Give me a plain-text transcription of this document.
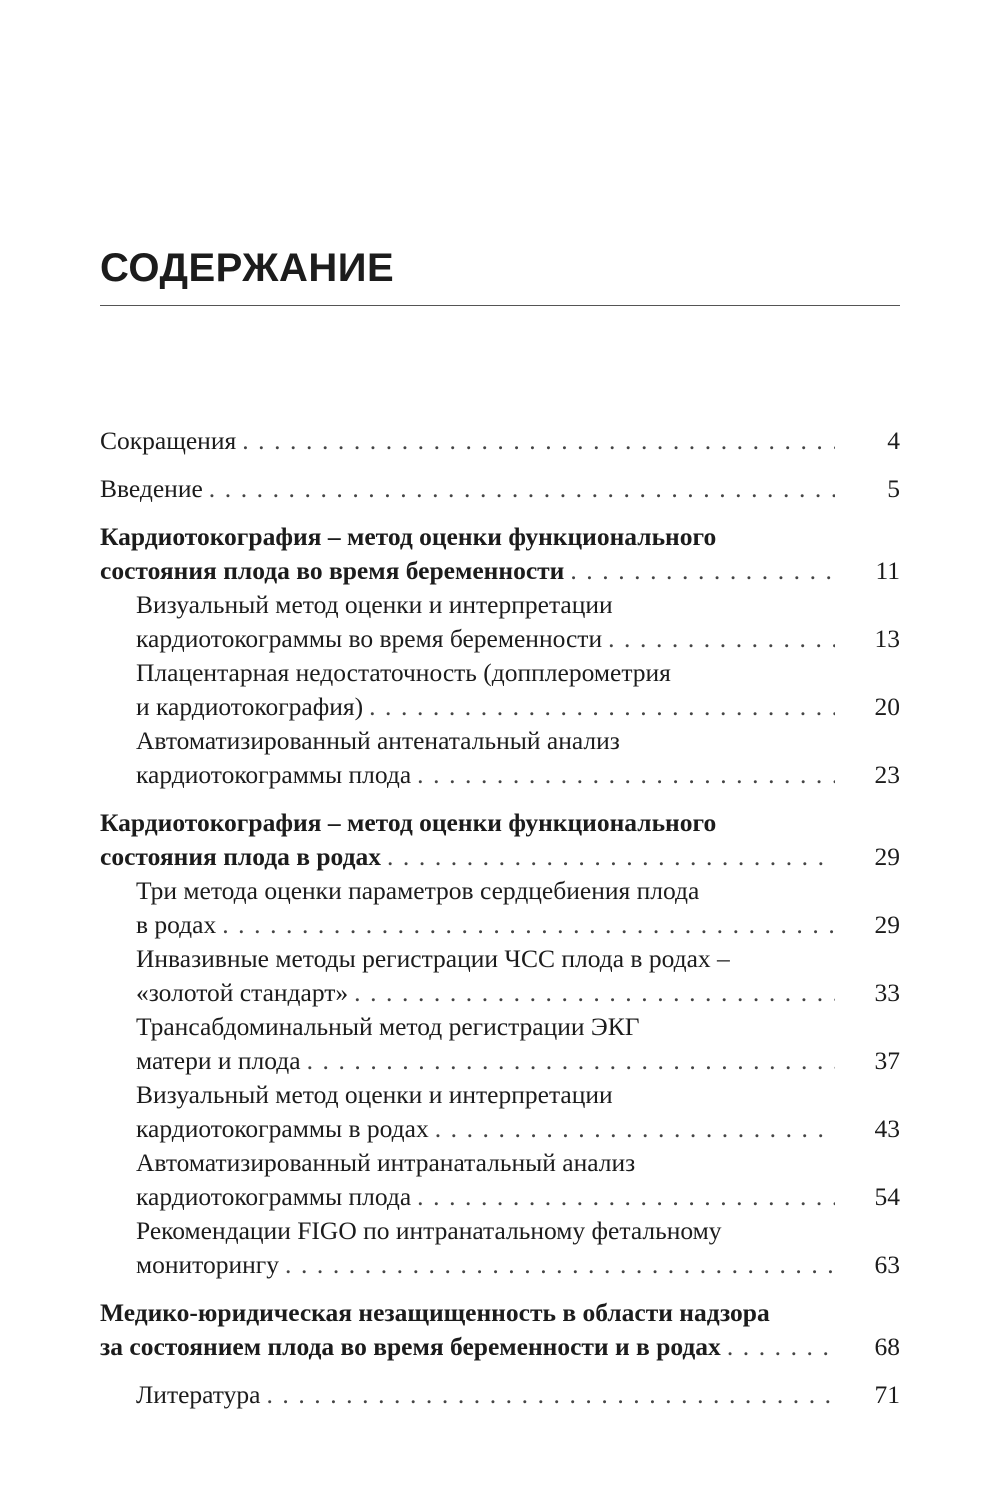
СОДЕРЖАНИЕ
Сокращения . . .	4
Введение . . .	5
Кардиотокография – метод оценки функционального
состояния плода во время беременности . . .	11
Визуальный метод оценки и интерпретации
кардиотокограммы во время беременности . . .	13
Плацентарная недостаточность (допплерометрия
и кардиотокография) . . .	20
Автоматизированный антенатальный анализ
кардиотокограммы плода . . .	23
Кардиотокография – метод оценки функционального
состояния плода в родах . . .	29
Три метода оценки параметров сердцебиения плода
в родах . . .	29
Инвазивные методы регистрации ЧСС плода в родах –
«золотой стандарт» . . .	33
Трансабдоминальный метод регистрации ЭКГ
матери и плода . . .	37
Визуальный метод оценки и интерпретации
кардиотокограммы в родах . . .	43
Автоматизированный интранатальный анализ
кардиотокограммы плода . . .	54
Рекомендации FIGO по интранатальному фетальному
мониторингу . . .	63
Медико-юридическая незащищенность в области надзора
за состоянием плода во время беременности и в родах . . .	68
Литература . . .	71
